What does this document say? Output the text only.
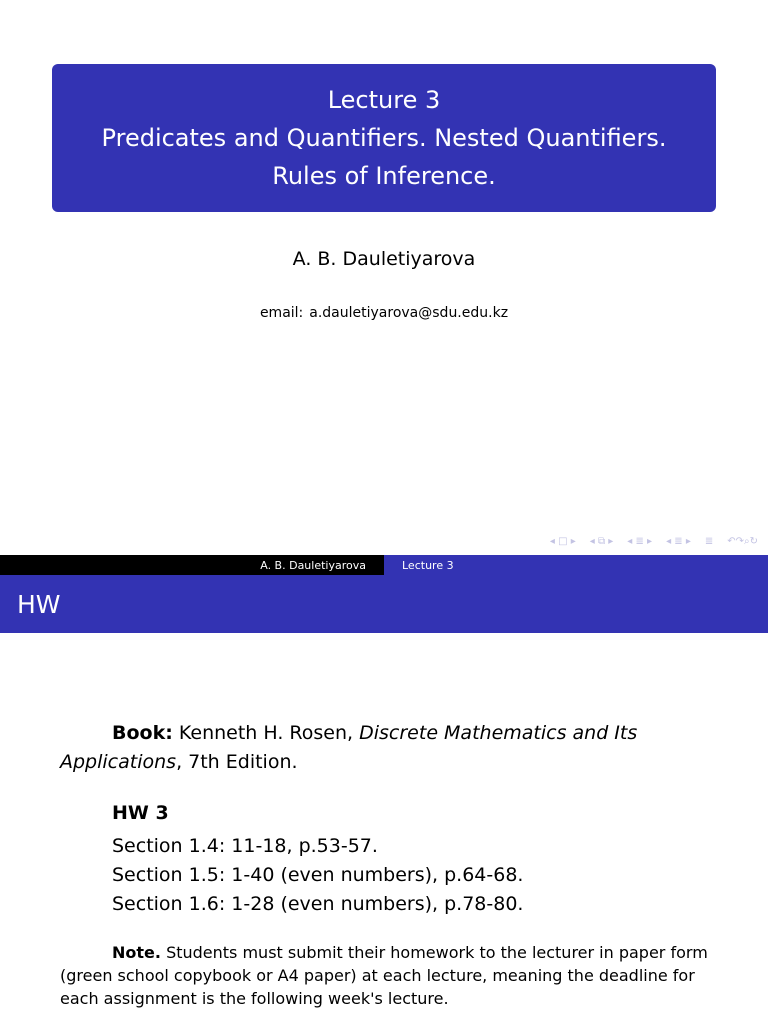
Lecture 3
Predicates and Quantifiers. Nested Quantifiers.
Rules of Inference.
A. B. Dauletiyarova
email: a.dauletiyarova@sdu.edu.kz
◂ □ ▸ ◂ ⧉ ▸ ◂ ≣ ▸ ◂ ≣ ▸ ≣ ↶↷⌕↻
A. B. Dauletiyarova	Lecture 3
HW
Book: Kenneth H. Rosen, Discrete Mathematics and Its Applications, 7th Edition.
HW 3
Section 1.4: 11-18, p.53-57.
Section 1.5: 1-40 (even numbers), p.64-68.
Section 1.6: 1-28 (even numbers), p.78-80.
Note. Students must submit their homework to the lecturer in paper form (green school copybook or A4 paper) at each lecture, meaning the deadline for each assignment is the following week's lecture.
